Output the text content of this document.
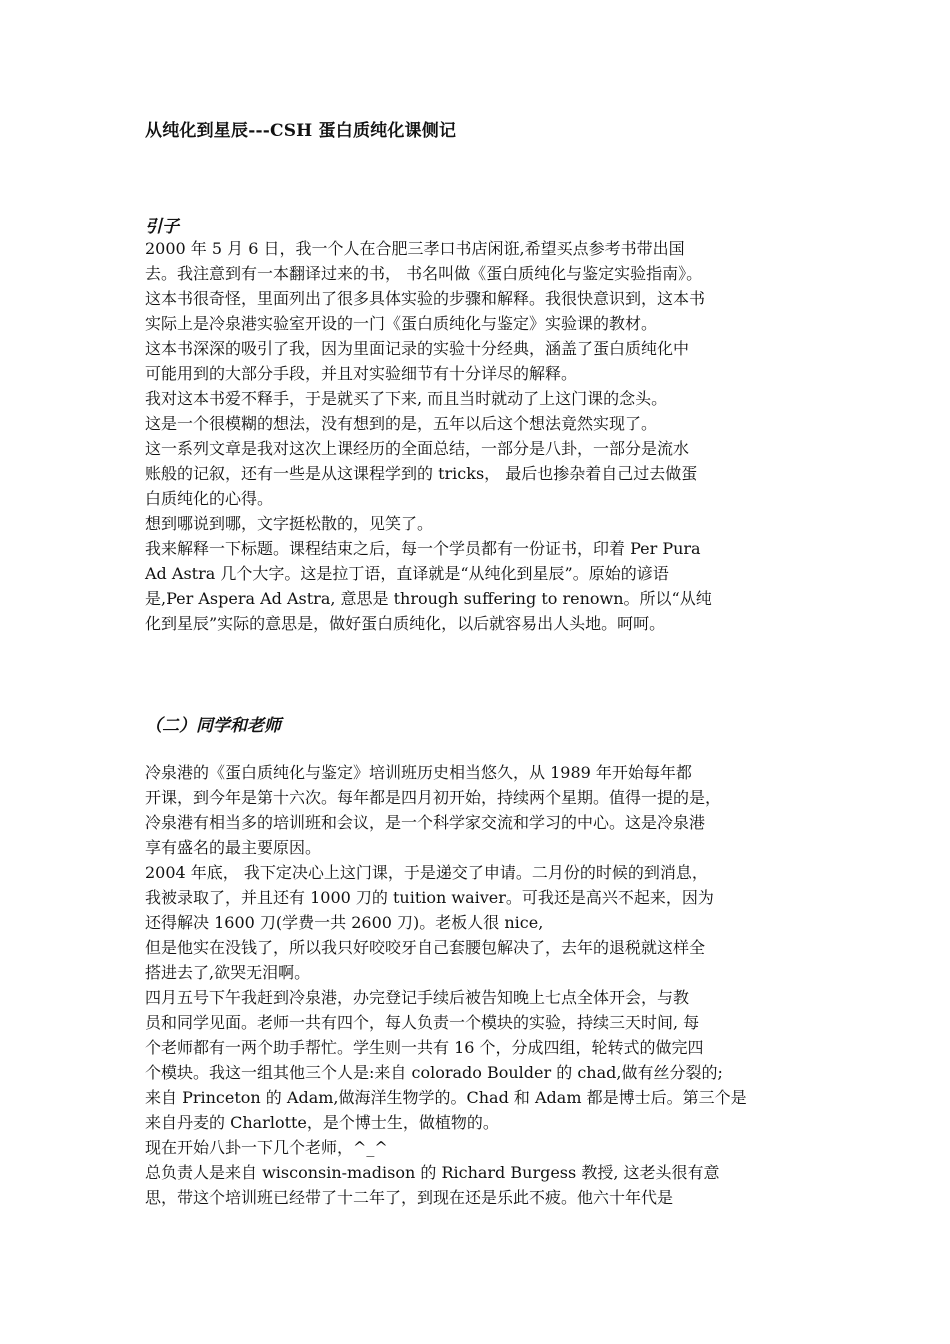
从纯化到星辰---CSH 蛋白质纯化课侧记
引子
2000 年 5 月 6 日，我一个人在合肥三孝口书店闲诳,希望买点参考书带出国
去。我注意到有一本翻译过来的书， 书名叫做《蛋白质纯化与鉴定实验指南》。
这本书很奇怪，里面列出了很多具体实验的步骤和解释。我很快意识到，这本书
实际上是冷泉港实验室开设的一门《蛋白质纯化与鉴定》实验课的教材。
这本书深深的吸引了我，因为里面记录的实验十分经典，涵盖了蛋白质纯化中
可能用到的大部分手段，并且对实验细节有十分详尽的解释。
我对这本书爱不释手，于是就买了下来, 而且当时就动了上这门课的念头。
这是一个很模糊的想法，没有想到的是，五年以后这个想法竟然实现了。
这一系列文章是我对这次上课经历的全面总结，一部分是八卦，一部分是流水
账般的记叙，还有一些是从这课程学到的 tricks， 最后也掺杂着自己过去做蛋
白质纯化的心得。
想到哪说到哪，文字挺松散的，见笑了。
我来解释一下标题。课程结束之后，每一个学员都有一份证书，印着 Per Pura
Ad Astra 几个大字。这是拉丁语，直译就是“从纯化到星辰”。原始的谚语
是,Per Aspera Ad Astra, 意思是 through suffering to renown。所以“从纯
化到星辰”实际的意思是，做好蛋白质纯化，以后就容易出人头地。呵呵。
（二）同学和老师
冷泉港的《蛋白质纯化与鉴定》培训班历史相当悠久，从 1989 年开始每年都
开课，到今年是第十六次。每年都是四月初开始，持续两个星期。值得一提的是，
冷泉港有相当多的培训班和会议，是一个科学家交流和学习的中心。这是冷泉港
享有盛名的最主要原因。
2004 年底， 我下定决心上这门课，于是递交了申请。二月份的时候的到消息，
我被录取了，并且还有 1000 刀的 tuition waiver。可我还是高兴不起来，因为
还得解决 1600 刀(学费一共 2600 刀)。老板人很 nice,
但是他实在没钱了，所以我只好咬咬牙自己套腰包解决了，去年的退税就这样全
搭进去了,欲哭无泪啊。
四月五号下午我赶到冷泉港，办完登记手续后被告知晚上七点全体开会，与教
员和同学见面。老师一共有四个，每人负责一个模块的实验，持续三天时间, 每
个老师都有一两个助手帮忙。学生则一共有 16 个，分成四组，轮转式的做完四
个模块。我这一组其他三个人是:来自 colorado Boulder 的 chad,做有丝分裂的;
来自 Princeton 的 Adam,做海洋生物学的。Chad 和 Adam 都是博士后。第三个是
来自丹麦的 Charlotte，是个博士生，做植物的。
现在开始八卦一下几个老师，^_^
总负责人是来自 wisconsin-madison 的 Richard Burgess 教授, 这老头很有意
思，带这个培训班已经带了十二年了，到现在还是乐此不疲。他六十年代是
